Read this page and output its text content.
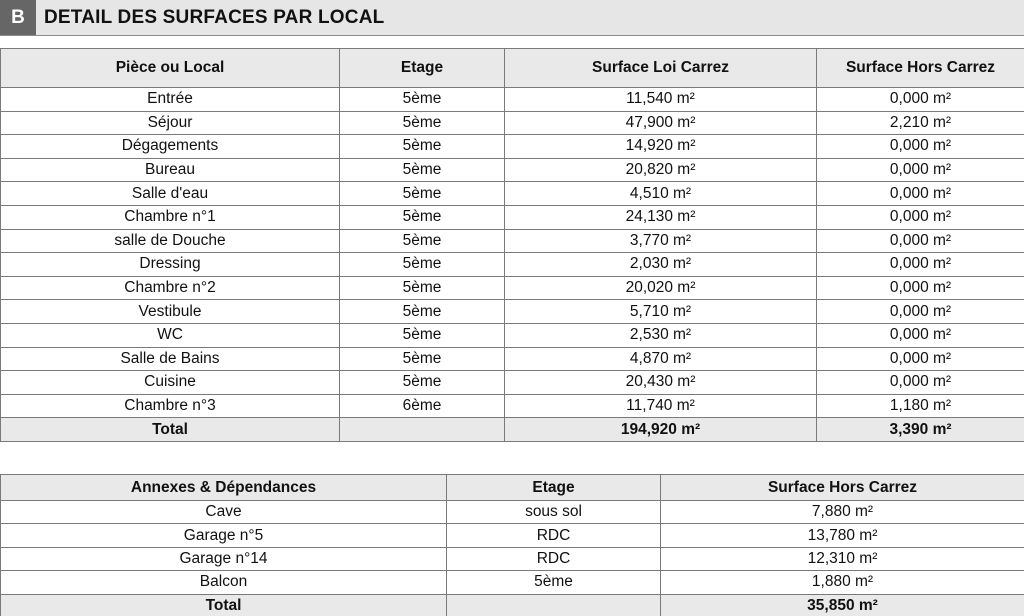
B	DETAIL DES SURFACES PAR LOCAL
Pièce ou Local	Etage	Surface Loi Carrez	Surface Hors Carrez
Entrée	5ème	11,540 m²	0,000 m²
Séjour	5ème	47,900 m²	2,210 m²
Dégagements	5ème	14,920 m²	0,000 m²
Bureau	5ème	20,820 m²	0,000 m²
Salle d'eau	5ème	4,510 m²	0,000 m²
Chambre n°1	5ème	24,130 m²	0,000 m²
salle de Douche	5ème	3,770 m²	0,000 m²
Dressing	5ème	2,030 m²	0,000 m²
Chambre n°2	5ème	20,020 m²	0,000 m²
Vestibule	5ème	5,710 m²	0,000 m²
WC	5ème	2,530 m²	0,000 m²
Salle de Bains	5ème	4,870 m²	0,000 m²
Cuisine	5ème	20,430 m²	0,000 m²
Chambre n°3	6ème	11,740 m²	1,180 m²
Total		194,920 m²	3,390 m²
Annexes & Dépendances	Etage	Surface Hors Carrez
Cave	sous sol	7,880 m²
Garage n°5	RDC	13,780 m²
Garage n°14	RDC	12,310 m²
Balcon	5ème	1,880 m²
Total		35,850 m²
